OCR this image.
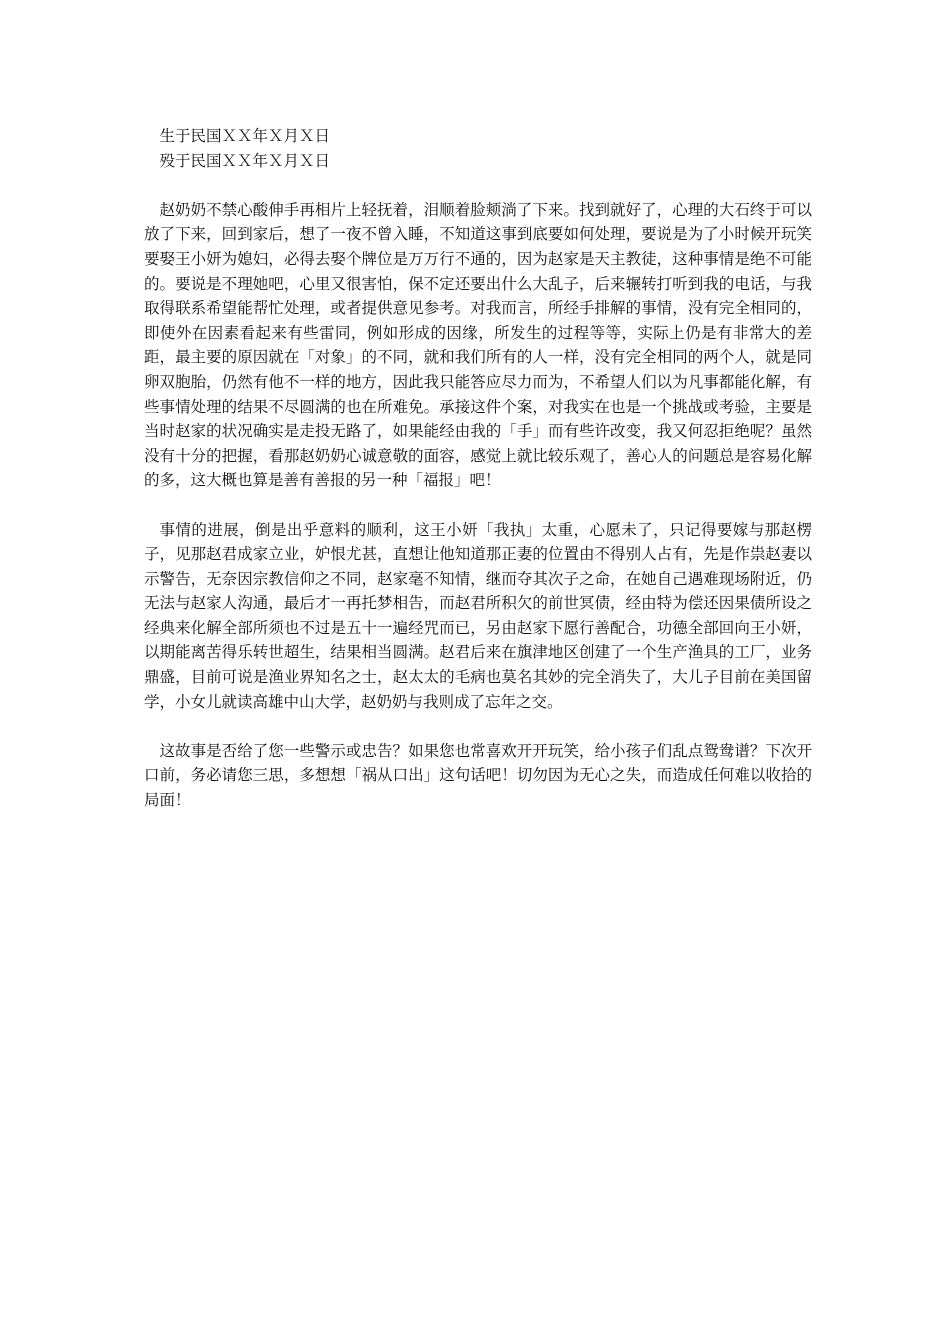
生于民国ＸＸ年Ｘ月Ｘ日

殁于民国ＸＸ年Ｘ月Ｘ日

赵奶奶不禁心酸伸手再相片上轻抚着，泪顺着脸颊淌了下来。找到就好了，心理的大石终于可以放了下来，回到家后，想了一夜不曾入睡，不知道这事到底要如何处理，要说是为了小时候开玩笑要娶王小妍为媳妇，必得去娶个牌位是万万行不通的，因为赵家是天主教徒，这种事情是绝不可能的。要说是不理她吧，心里又很害怕，保不定还要出什么大乱子，后来辗转打听到我的电话，与我取得联系希望能帮忙处理，或者提供意见参考。对我而言，所经手排解的事情，没有完全相同的，即使外在因素看起来有些雷同，例如形成的因缘，所发生的过程等等，实际上仍是有非常大的差距，最主要的原因就在「对象」的不同，就和我们所有的人一样，没有完全相同的两个人，就是同卵双胞胎，仍然有他不一样的地方，因此我只能答应尽力而为，不希望人们以为凡事都能化解，有些事情处理的结果不尽圆满的也在所难免。承接这件个案，对我实在也是一个挑战或考验，主要是当时赵家的状况确实是走投无路了，如果能经由我的「手」而有些许改变，我又何忍拒绝呢？虽然没有十分的把握，看那赵奶奶心诚意敬的面容，感觉上就比较乐观了，善心人的问题总是容易化解的多，这大概也算是善有善报的另一种「福报」吧！

事情的进展，倒是出乎意料的顺利，这王小妍「我执」太重，心愿未了，只记得要嫁与那赵楞子，见那赵君成家立业，妒恨尤甚，直想让他知道那正妻的位置由不得别人占有，先是作祟赵妻以示警告，无奈因宗教信仰之不同，赵家毫不知情，继而夺其次子之命，在她自己遇难现场附近，仍无法与赵家人沟通，最后才一再托梦相告，而赵君所积欠的前世冥债，经由特为偿还因果债所设之经典来化解全部所须也不过是五十一遍经咒而已，另由赵家下愿行善配合，功德全部回向王小妍，以期能离苦得乐转世超生，结果相当圆满。赵君后来在旗津地区创建了一个生产渔具的工厂，业务鼎盛，目前可说是渔业界知名之士，赵太太的毛病也莫名其妙的完全消失了，大儿子目前在美国留学，小女儿就读高雄中山大学，赵奶奶与我则成了忘年之交。

这故事是否给了您一些警示或忠告？如果您也常喜欢开开玩笑，给小孩子们乱点鸳鸯谱？下次开口前，务必请您三思，多想想「祸从口出」这句话吧！切勿因为无心之失，而造成任何难以收拾的局面！
